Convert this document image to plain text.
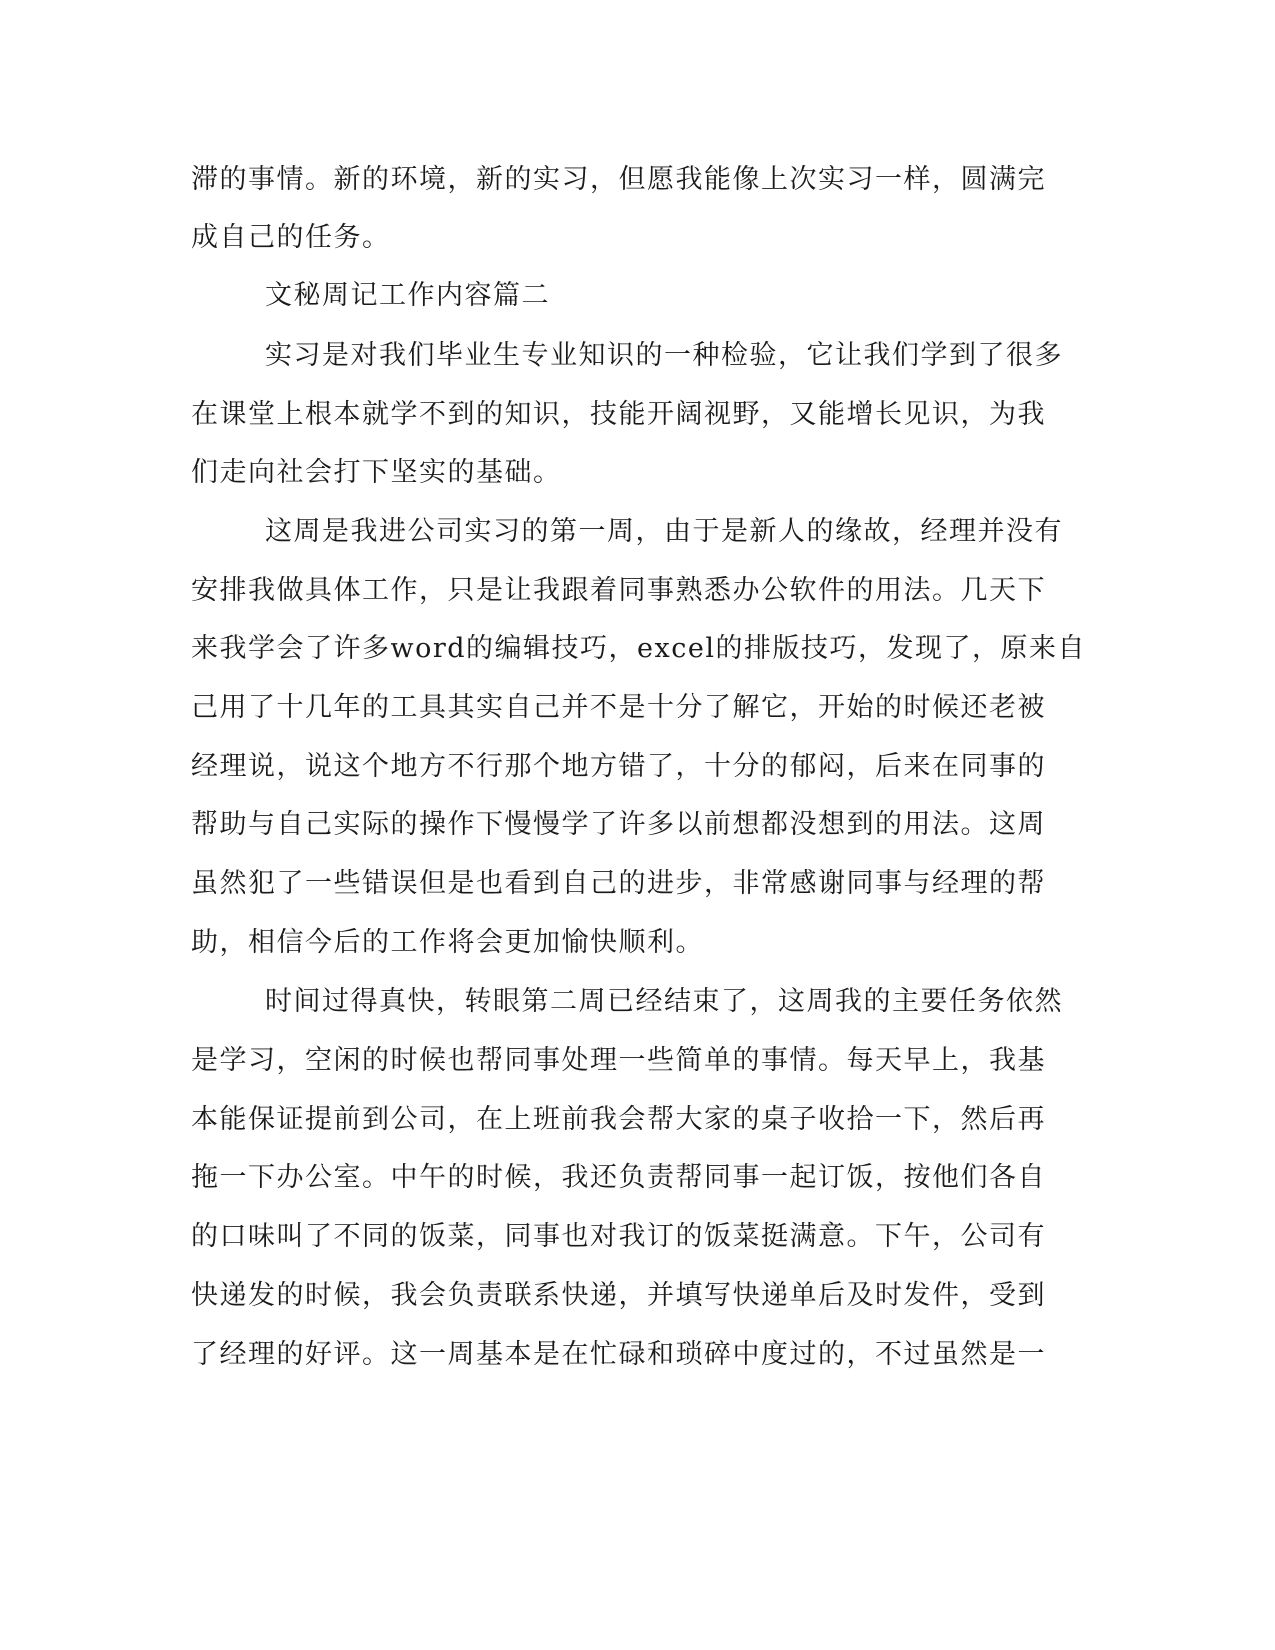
滞的事情。新的环境，新的实习，但愿我能像上次实习一样，圆满完
成自己的任务。
文秘周记工作内容篇二
实习是对我们毕业生专业知识的一种检验，它让我们学到了很多
在课堂上根本就学不到的知识，技能开阔视野，又能增长见识，为我
们走向社会打下坚实的基础。
这周是我进公司实习的第一周，由于是新人的缘故，经理并没有
安排我做具体工作，只是让我跟着同事熟悉办公软件的用法。几天下
来我学会了许多word的编辑技巧，excel的排版技巧，发现了，原来自
己用了十几年的工具其实自己并不是十分了解它，开始的时候还老被
经理说，说这个地方不行那个地方错了，十分的郁闷，后来在同事的
帮助与自己实际的操作下慢慢学了许多以前想都没想到的用法。这周
虽然犯了一些错误但是也看到自己的进步，非常感谢同事与经理的帮
助，相信今后的工作将会更加愉快顺利。
时间过得真快，转眼第二周已经结束了，这周我的主要任务依然
是学习，空闲的时候也帮同事处理一些简单的事情。每天早上，我基
本能保证提前到公司，在上班前我会帮大家的桌子收拾一下，然后再
拖一下办公室。中午的时候，我还负责帮同事一起订饭，按他们各自
的口味叫了不同的饭菜，同事也对我订的饭菜挺满意。下午，公司有
快递发的时候，我会负责联系快递，并填写快递单后及时发件，受到
了经理的好评。这一周基本是在忙碌和琐碎中度过的，不过虽然是一
